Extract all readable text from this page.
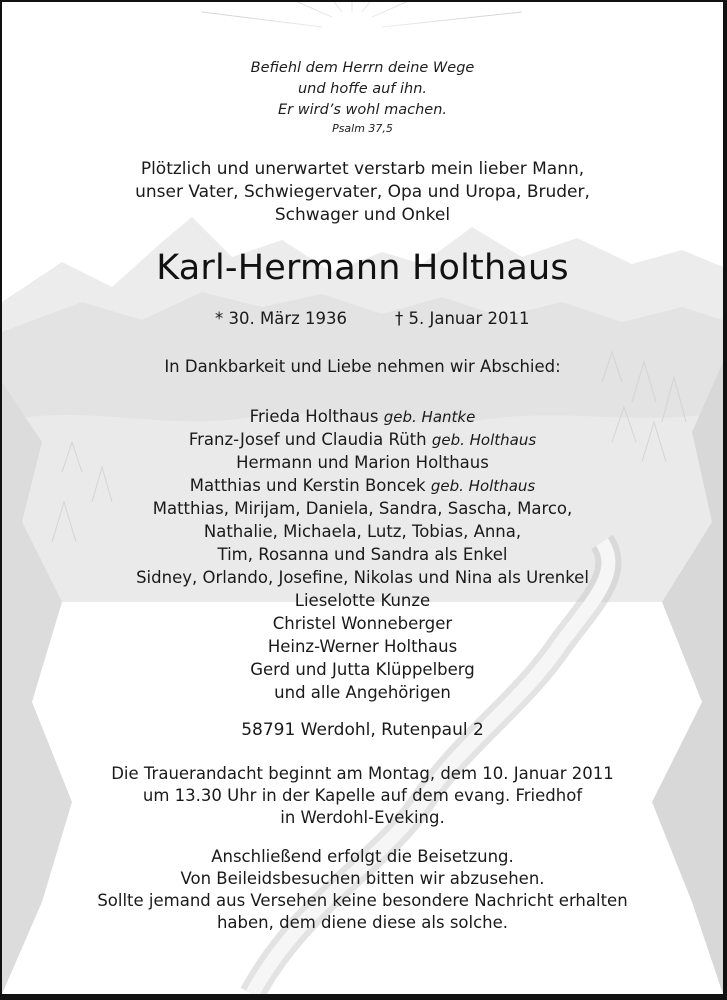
Befiehl dem Herrn deine Wege
und hoffe auf ihn.
Er wird’s wohl machen.
Psalm 37,5
Plötzlich und unerwartet verstarb mein lieber Mann,
unser Vater, Schwiegervater, Opa und Uropa, Bruder,
Schwager und Onkel
Karl-Hermann Holthaus
* 30. März 1936	† 5. Januar 2011
In Dankbarkeit und Liebe nehmen wir Abschied:
Frieda Holthaus geb. Hantke
Franz-Josef und Claudia Rüth geb. Holthaus
Hermann und Marion Holthaus
Matthias und Kerstin Boncek geb. Holthaus
Matthias, Mirijam, Daniela, Sandra, Sascha, Marco,
Nathalie, Michaela, Lutz, Tobias, Anna,
Tim, Rosanna und Sandra als Enkel
Sidney, Orlando, Josefine, Nikolas und Nina als Urenkel
Lieselotte Kunze
Christel Wonneberger
Heinz-Werner Holthaus
Gerd und Jutta Klüppelberg
und alle Angehörigen
58791 Werdohl, Rutenpaul 2
Die Trauerandacht beginnt am Montag, dem 10. Januar 2011
um 13.30 Uhr in der Kapelle auf dem evang. Friedhof
in Werdohl-Eveking.
Anschließend erfolgt die Beisetzung.
Von Beileidsbesuchen bitten wir abzusehen.
Sollte jemand aus Versehen keine besondere Nachricht erhalten
haben, dem diene diese als solche.
